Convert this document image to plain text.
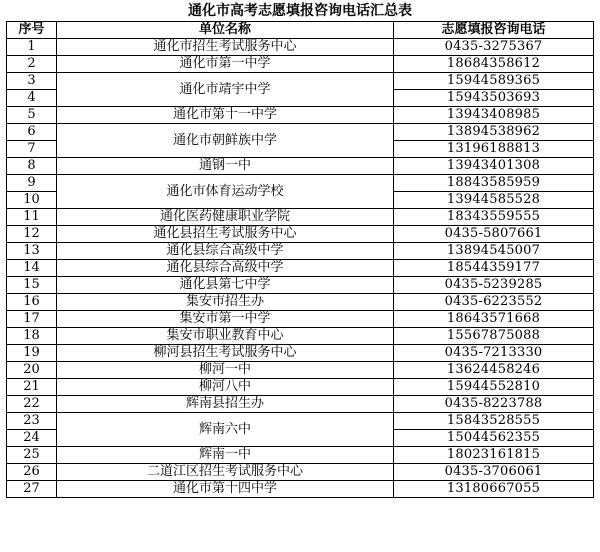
通化市高考志愿填报咨询电话汇总表
序号	单位名称	志愿填报咨询电话
1	通化市招生考试服务中心	0435-3275367
2	通化市第一中学	18684358612
3	通化市靖宇中学	15944589365
4		15943503693
5	通化市第十一中学	13943408985
6	通化市朝鲜族中学	13894538962
7		13196188813
8	通钢一中	13943401308
9	通化市体育运动学校	18843585959
10		13944585528
11	通化医药健康职业学院	18343559555
12	通化县招生考试服务中心	0435-5807661
13	通化县综合高级中学	13894545007
14	通化县综合高级中学	18544359177
15	通化县第七中学	0435-5239285
16	集安市招生办	0435-6223552
17	集安市第一中学	18643571668
18	集安市职业教育中心	15567875088
19	柳河县招生考试服务中心	0435-7213330
20	柳河一中	13624458246
21	柳河八中	15944552810
22	辉南县招生办	0435-8223788
23	辉南六中	15843528555
24		15044562355
25	辉南一中	18023161815
26	二道江区招生考试服务中心	0435-3706061
27	通化市第十四中学	13180667055
